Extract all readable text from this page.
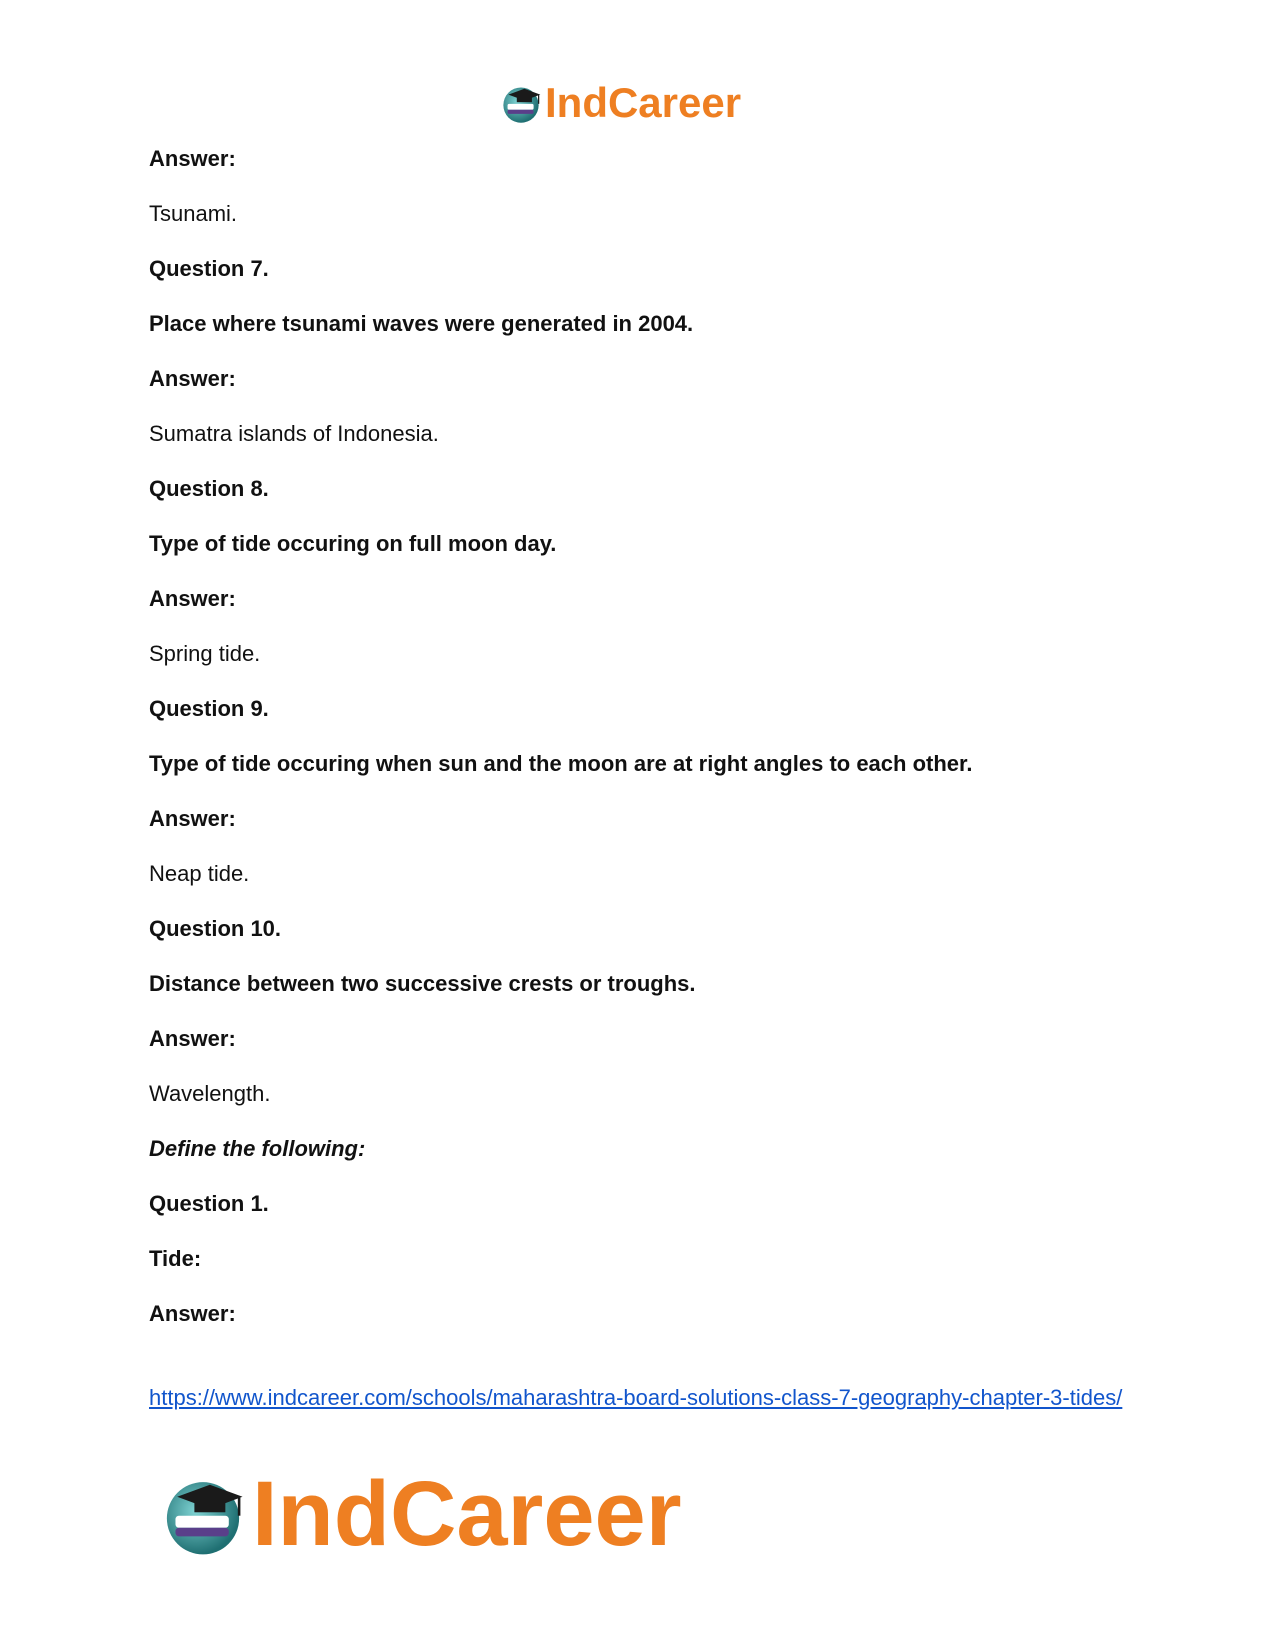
IndCareer
Answer:
Tsunami.
Question 7.
Place where tsunami waves were generated in 2004.
Answer:
Sumatra islands of Indonesia.
Question 8.
Type of tide occuring on full moon day.
Answer:
Spring tide.
Question 9.
Type of tide occuring when sun and the moon are at right angles to each other.
Answer:
Neap tide.
Question 10.
Distance between two successive crests or troughs.
Answer:
Wavelength.
Define the following:
Question 1.
Tide:
Answer:
https://www.indcareer.com/schools/maharashtra-board-solutions-class-7-geography-chapter-3-tides/
IndCareer
